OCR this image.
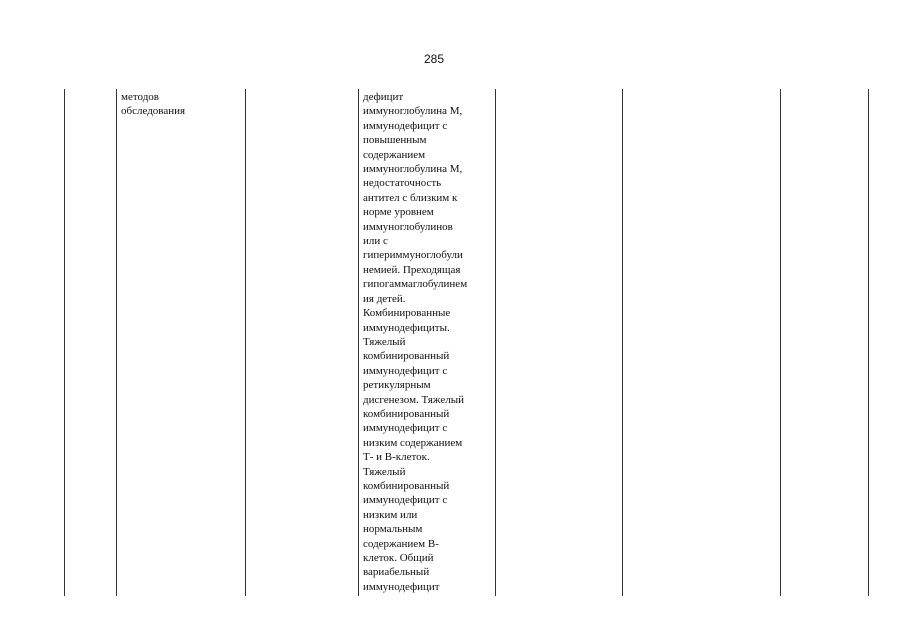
285
методов
обследования
дефицит
иммуноглобулина М,
иммунодефицит с
повышенным
содержанием
иммуноглобулина М,
недостаточность
антител с близким к
норме уровнем
иммуноглобулинов
или с
гипериммуноглобули
немией. Преходящая
гипогаммаглобулинем
ия детей.
Комбинированные
иммунодефициты.
Тяжелый
комбинированный
иммунодефицит с
ретикулярным
дисгенезом. Тяжелый
комбинированный
иммунодефицит с
низким содержанием
Т- и В-клеток.
Тяжелый
комбинированный
иммунодефицит с
низким или
нормальным
содержанием В-
клеток. Общий
вариабельный
иммунодефицит
